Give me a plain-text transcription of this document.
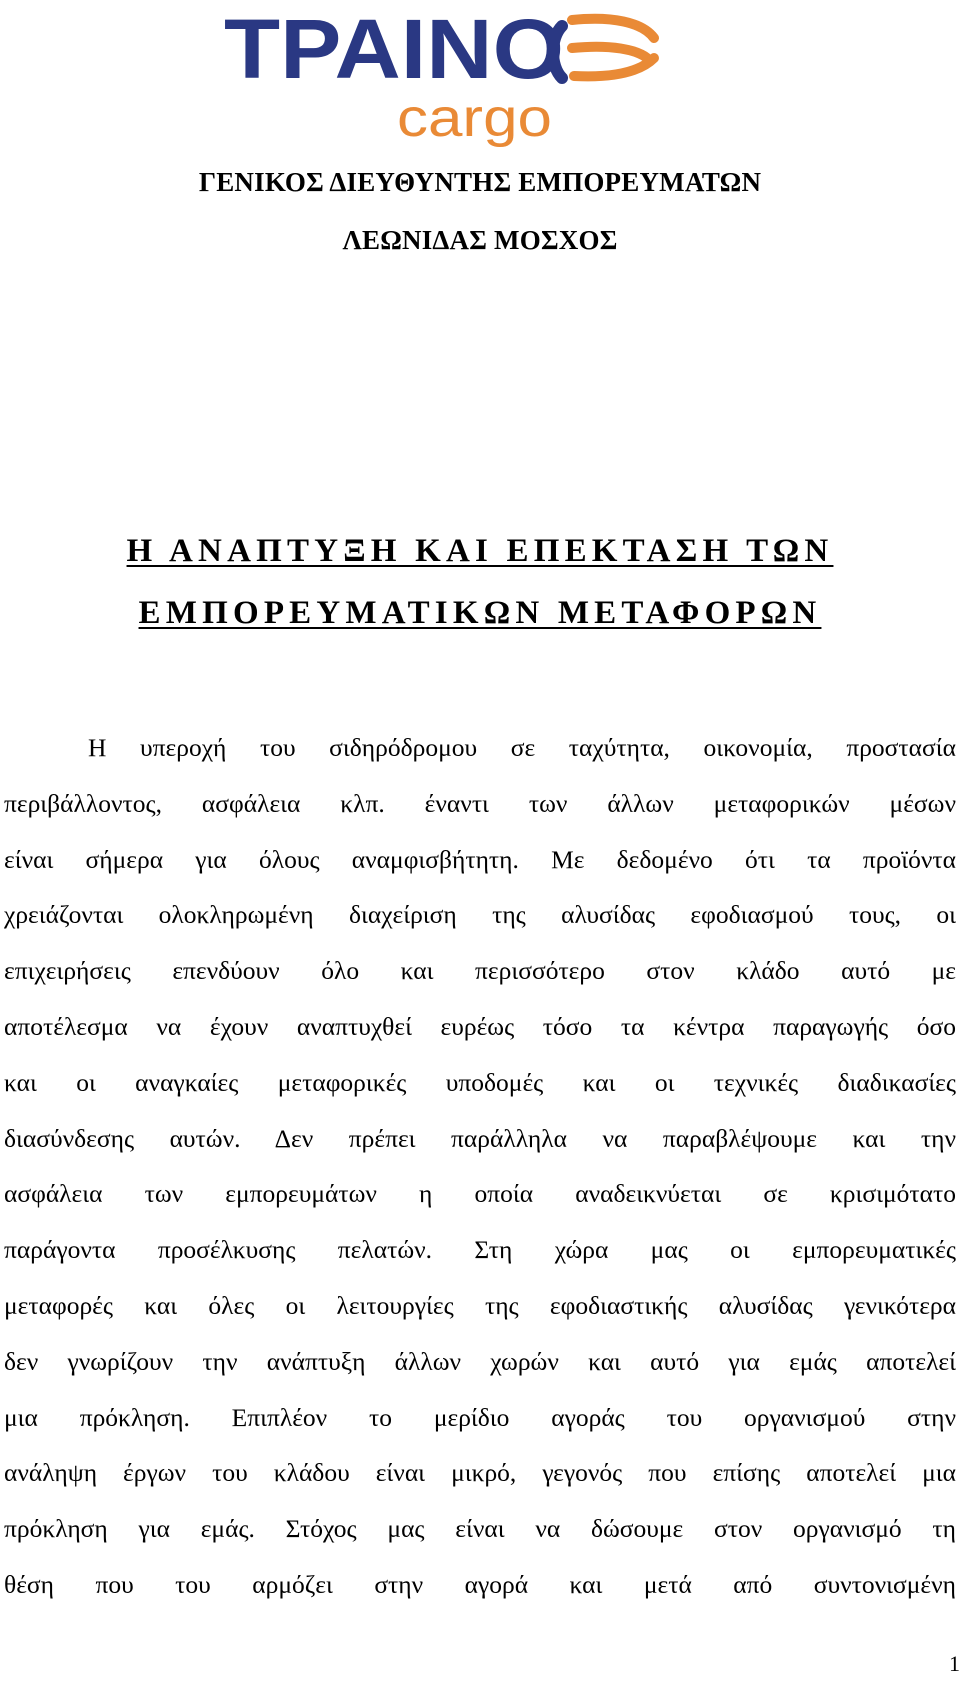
ΤΡΑΙΝΟ
cargo

ΓΕΝΙΚΟΣ ΔΙΕΥΘΥΝΤΗΣ ΕΜΠΟΡΕΥΜΑΤΩΝ

ΛΕΩΝΙΔΑΣ ΜΟΣΧΟΣ

Η ΑΝΑΠΤΥΞΗ ΚΑΙ ΕΠΕΚΤΑΣΗ ΤΩΝ

ΕΜΠΟΡΕΥΜΑΤΙΚΩΝ ΜΕΤΑΦΟΡΩΝ

Η υπεροχή του σιδηρόδρομου σε ταχύτητα, οικονομία, προστασία
περιβάλλοντος, ασφάλεια κλπ. έναντι των άλλων μεταφορικών μέσων
είναι σήμερα για όλους αναμφισβήτητη. Με δεδομένο ότι τα προϊόντα
χρειάζονται ολοκληρωμένη διαχείριση της αλυσίδας εφοδιασμού τους, οι
επιχειρήσεις επενδύουν όλο και περισσότερο στον κλάδο αυτό με
αποτέλεσμα να έχουν αναπτυχθεί ευρέως τόσο τα κέντρα παραγωγής όσο
και οι αναγκαίες μεταφορικές υποδομές και οι τεχνικές διαδικασίες
διασύνδεσης αυτών. Δεν πρέπει παράλληλα να παραβλέψουμε και την
ασφάλεια των εμπορευμάτων η οποία αναδεικνύεται σε κρισιμότατο
παράγοντα προσέλκυσης πελατών. Στη χώρα μας οι εμπορευματικές
μεταφορές και όλες οι λειτουργίες της εφοδιαστικής αλυσίδας γενικότερα
δεν γνωρίζουν την ανάπτυξη άλλων χωρών και αυτό για εμάς αποτελεί
μια πρόκληση. Επιπλέον το μερίδιο αγοράς του οργανισμού στην
ανάληψη έργων του κλάδου είναι μικρό, γεγονός που επίσης αποτελεί μια
πρόκληση για εμάς. Στόχος μας είναι να δώσουμε στον οργανισμό τη
θέση που του αρμόζει στην αγορά και μετά από συντονισμένη

1
